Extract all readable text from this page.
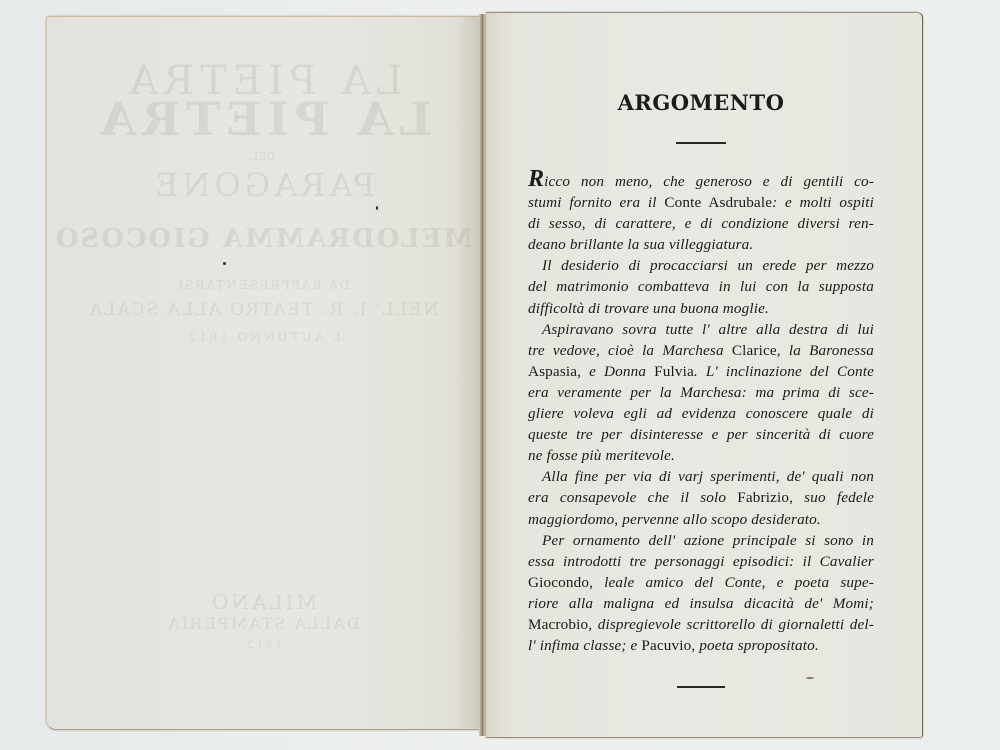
ARGOMENTO
Ricco non meno, che generoso e di gentili co-
stumi fornito era il Conte Asdrubale: e molti ospiti
di sesso, di carattere, e di condizione diversi ren-
deano brillante la sua villeggiatura.
Il desiderio di procacciarsi un erede per mezzo
del matrimonio combatteva in lui con la supposta
difficoltà di trovare una buona moglie.
Aspiravano sovra tutte l' altre alla destra di lui
tre vedove, cioè la Marchesa Clarice, la Baronessa
Aspasia, e Donna Fulvia. L' inclinazione del Conte
era veramente per la Marchesa: ma prima di sce-
gliere voleva egli ad evidenza conoscere quale di
queste tre per disinteresse e per sincerità di cuore
ne fosse più meritevole.
Alla fine per via di varj sperimenti, de' quali non
era consapevole che il solo Fabrizio, suo fedele
maggiordomo, pervenne allo scopo desiderato.
Per ornamento dell' azione principale si sono in
essa introdotti tre personaggi episodici: il Cavalier
Giocondo, leale amico del Conte, e poeta supe-
riore alla maligna ed insulsa dicacità de' Momi;
Macrobio, dispregievole scrittorello di giornaletti del-
l' infima classe; e Pacuvio, poeta spropositato.
